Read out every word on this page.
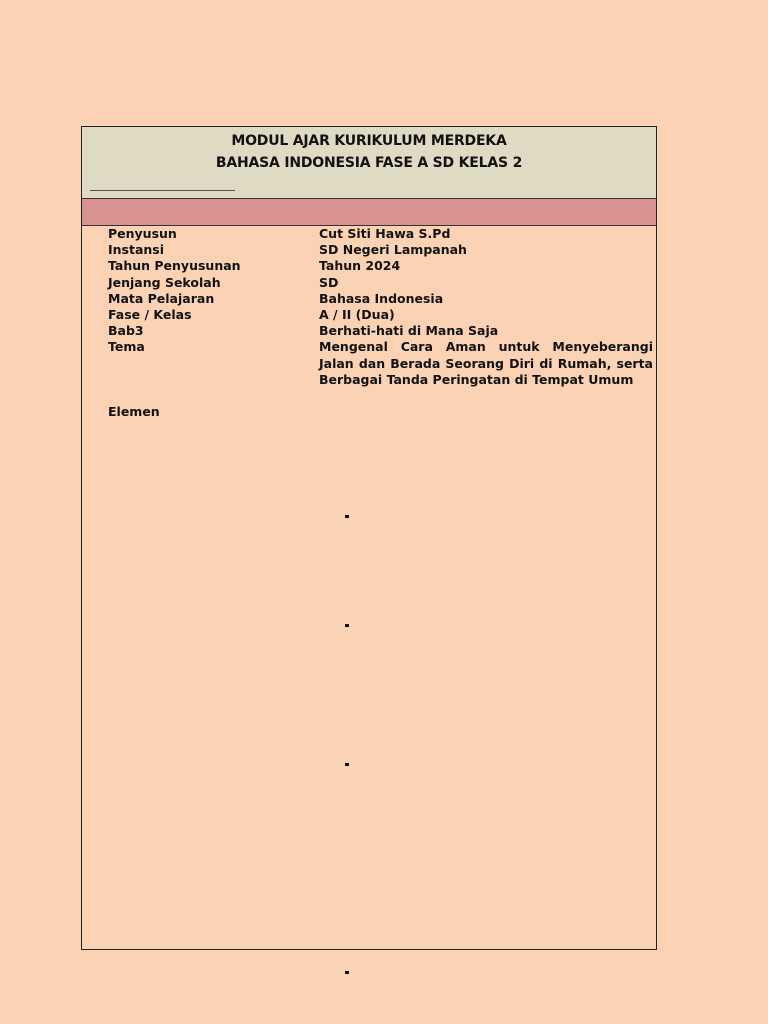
MODUL AJAR KURIKULUM MERDEKA
BAHASA INDONESIA FASE A SD KELAS 2
Penyusun	Cut Siti Hawa S.Pd
Instansi	SD Negeri Lampanah
Tahun Penyusunan	Tahun 2024
Jenjang Sekolah	SD
Mata Pelajaran	Bahasa Indonesia
Fase / Kelas	A / II (Dua)
Bab3	Berhati-hati di Mana Saja
Tema	Mengenal Cara Aman untuk Menyeberangi Jalan dan Berada Seorang Diri di Rumah, serta Berbagai Tanda Peringatan di Tempat Umum
Elemen
